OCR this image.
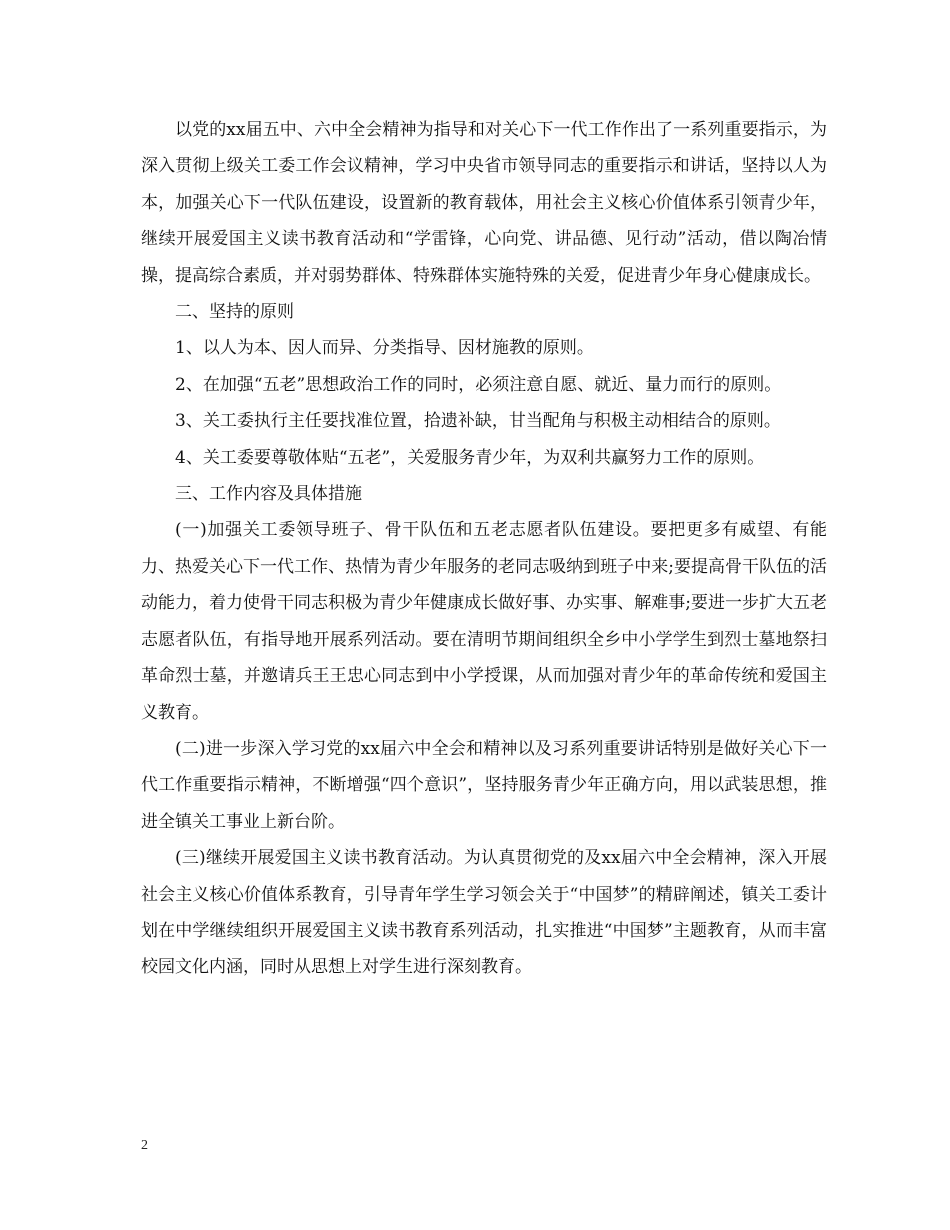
以党的xx届五中、六中全会精神为指导和对关心下一代工作作出了一系列重要指示，为深入贯彻上级关工委工作会议精神，学习中央省市领导同志的重要指示和讲话，坚持以人为本，加强关心下一代队伍建设，设置新的教育载体，用社会主义核心价值体系引领青少年，继续开展爱国主义读书教育活动和“学雷锋，心向党、讲品德、见行动”活动，借以陶冶情操，提高综合素质，并对弱势群体、特殊群体实施特殊的关爱，促进青少年身心健康成长。

二、坚持的原则

1、以人为本、因人而异、分类指导、因材施教的原则。

2、在加强“五老”思想政治工作的同时，必须注意自愿、就近、量力而行的原则。

3、关工委执行主任要找准位置，拾遗补缺，甘当配角与积极主动相结合的原则。

4、关工委要尊敬体贴“五老”，关爱服务青少年，为双利共赢努力工作的原则。

三、工作内容及具体措施

(一)加强关工委领导班子、骨干队伍和五老志愿者队伍建设。要把更多有威望、有能力、热爱关心下一代工作、热情为青少年服务的老同志吸纳到班子中来;要提高骨干队伍的活动能力，着力使骨干同志积极为青少年健康成长做好事、办实事、解难事;要进一步扩大五老志愿者队伍，有指导地开展系列活动。要在清明节期间组织全乡中小学学生到烈士墓地祭扫革命烈士墓，并邀请兵王王忠心同志到中小学授课，从而加强对青少年的革命传统和爱国主义教育。

(二)进一步深入学习党的xx届六中全会和精神以及习系列重要讲话特别是做好关心下一代工作重要指示精神，不断增强“四个意识”，坚持服务青少年正确方向，用以武装思想，推进全镇关工事业上新台阶。

(三)继续开展爱国主义读书教育活动。为认真贯彻党的及xx届六中全会精神，深入开展社会主义核心价值体系教育，引导青年学生学习领会关于“中国梦”的精辟阐述，镇关工委计划在中学继续组织开展爱国主义读书教育系列活动，扎实推进“中国梦”主题教育，从而丰富校园文化内涵，同时从思想上对学生进行深刻教育。

2
